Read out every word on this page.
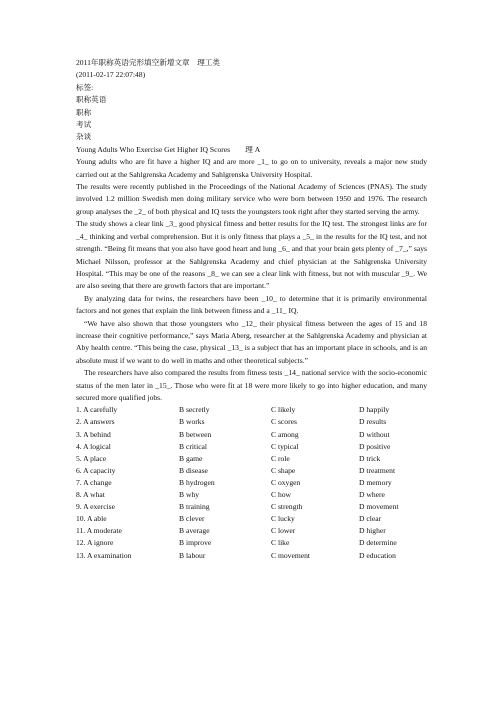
2011年职称英语完形填空新增文章　理工类
(2011-02-17 22:07:48)
标签:
职称英语
职称
考试
杂谈
Young Adults Who Exercise Get Higher IQ Scores　　理 A

Young adults who are fit have a higher IQ and are more _1_ to go on to university, reveals a major new study carried out at the Sahlgrenska Academy and Sahlgrenska University Hospital.

The results were recently published in the Proceedings of the National Academy of Sciences (PNAS). The study involved 1.2 million Swedish men doing military service who were born between 1950 and 1976. The research group analyses the _2_ of both physical and IQ tests the youngsters took right after they started serving the army.

The study shows a clear link _3_ good physical fitness and better results for the IQ test. The strongest links are for _4_ thinking and verbal comprehension. But it is only fitness that plays a _5_ in the results for the IQ test, and not strength. “Being fit means that you also have good heart and lung _6_ and that your brain gets plenty of _7_,” says Michael Nilsson, professor at the Sahlgrenska Academy and chief physician at the Sahlgrenska University Hospital. “This may be one of the reasons _8_ we can see a clear link with fitness, but not with muscular _9_. We are also seeing that there are growth factors that are important.”

By analyzing data for twins, the researchers have been _10_ to determine that it is primarily environmental factors and not genes that explain the link between fitness and a _11_ IQ.

“We have also shown that those youngsters who _12_ their physical fitness between the ages of 15 and 18 increase their cognitive performance,” says Maria Aberg, researcher at the Sahlgrenska Academy and physician at Aby health centre. “This being the case, physical _13_ is a subject that has an important place in schools, and is an absolute must if we want to do well in maths and other theoretical subjects.”

The researchers have also compared the results from fitness tests _14_ national service with the socio-economic status of the men later in _15_. Those who were fit at 18 were more likely to go into higher education, and many secured more qualified jobs.

1. A carefully	B secretly	C likely	D happily
2. A answers	B works	C scores	D results
3. A behind	B between	C among	D without
4. A logical	B critical	C typical	D positive
5. A place	B game	C role	D trick
6. A capacity	B disease	C shape	D treatment
7. A change	B hydrogen	C oxygen	D memory
8. A what	B why	C how	D where
9. A exercise	B training	C strength	D movement
10. A able	B clever	C lucky	D clear
11. A moderate	B average	C lower	D higher
12. A ignore	B improve	C like	D determine
13. A examination	B labour	C movement	D education
